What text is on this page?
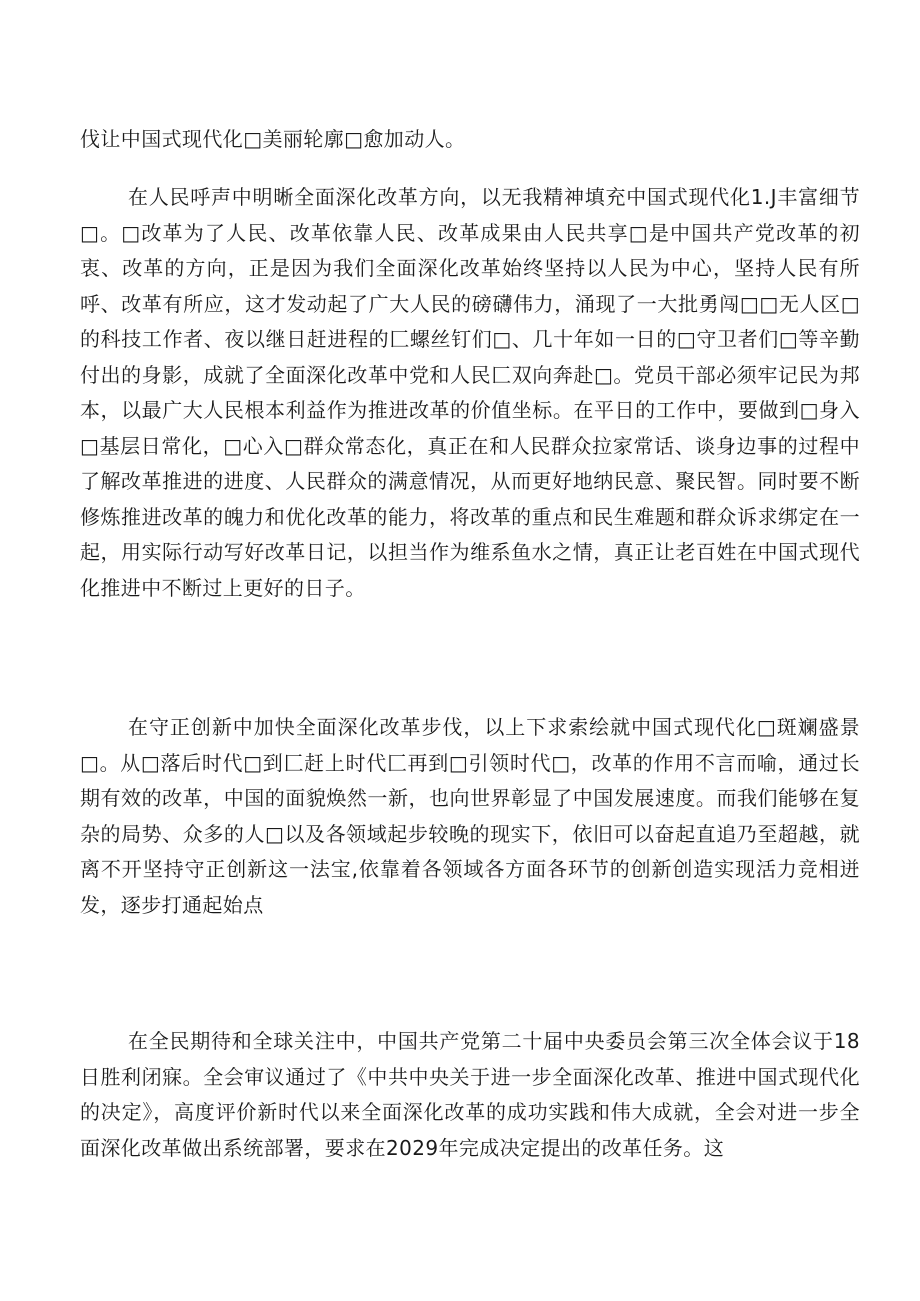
伐让中国式现代化□美丽轮廓□愈加动人。

在人民呼声中明晰全面深化改革方向，以无我精神填充中国式现代化1.J丰富细节□。□改革为了人民、改革依靠人民、改革成果由人民共享□是中国共产党改革的初衷、改革的方向，正是因为我们全面深化改革始终坚持以人民为中心，坚持人民有所呼、改革有所应，这才发动起了广大人民的磅礴伟力，涌现了一大批勇闯□□无人区□的科技工作者、夜以继日赶进程的匚螺丝钉们□、几十年如一日的□守卫者们□等辛勤付出的身影，成就了全面深化改革中党和人民匚双向奔赴□。党员干部必须牢记民为邦本，以最广大人民根本利益作为推进改革的价值坐标。在平日的工作中，要做到□身入□基层日常化，□心入□群众常态化，真正在和人民群众拉家常话、谈身边事的过程中了解改革推进的进度、人民群众的满意情况，从而更好地纳民意、聚民智。同时要不断修炼推进改革的魄力和优化改革的能力，将改革的重点和民生难题和群众诉求绑定在一起，用实际行动写好改革日记，以担当作为维系鱼水之情，真正让老百姓在中国式现代化推进中不断过上更好的日子。

在守正创新中加快全面深化改革步伐，以上下求索绘就中国式现代化□斑斓盛景□。从□落后时代□到匚赶上时代匚再到□引领时代□，改革的作用不言而喻，通过长期有效的改革，中国的面貌焕然一新，也向世界彰显了中国发展速度。而我们能够在复杂的局势、众多的人□以及各领域起步较晚的现实下，依旧可以奋起直追乃至超越，就离不开坚持守正创新这一法宝,依靠着各领域各方面各环节的创新创造实现活力竞相迸发，逐步打通起始点

在全民期待和全球关注中，中国共产党第二十届中央委员会第三次全体会议于18日胜利闭寐。全会审议通过了《中共中央关于进一步全面深化改革、推进中国式现代化的决定》，高度评价新时代以来全面深化改革的成功实践和伟大成就，全会对进一步全面深化改革做出系统部署，要求在2029年完成决定提出的改革任务。这
